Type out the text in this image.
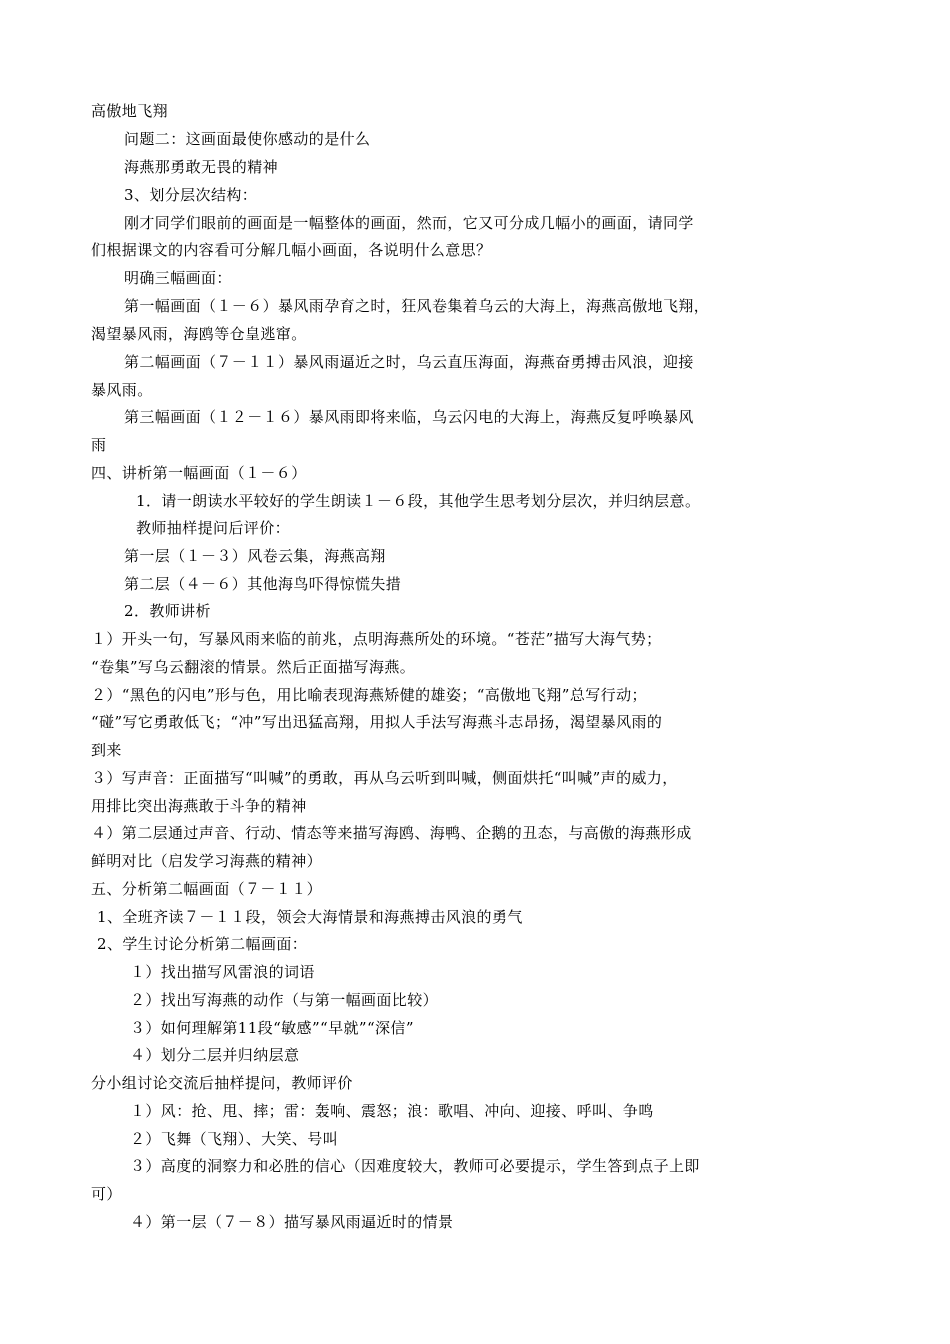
高傲地飞翔
问题二：这画面最使你感动的是什么
海燕那勇敢无畏的精神
3、划分层次结构：
刚才同学们眼前的画面是一幅整体的画面，然而，它又可分成几幅小的画面，请同学
们根据课文的内容看可分解几幅小画面，各说明什么意思？
明确三幅画面：
第一幅画面（１－６）暴风雨孕育之时，狂风卷集着乌云的大海上，海燕高傲地飞翔，
渴望暴风雨，海鸥等仓皇逃窜。
第二幅画面（７－１１）暴风雨逼近之时，乌云直压海面，海燕奋勇搏击风浪，迎接
暴风雨。
第三幅画面（１２－１６）暴风雨即将来临，乌云闪电的大海上，海燕反复呼唤暴风
雨
四、讲析第一幅画面（１－６）
1．请一朗读水平较好的学生朗读１－６段，其他学生思考划分层次，并归纳层意。
教师抽样提问后评价：
第一层（１－３）风卷云集，海燕高翔
第二层（４－６）其他海鸟吓得惊慌失措
2．教师讲析
１）开头一句，写暴风雨来临的前兆，点明海燕所处的环境。“苍茫”描写大海气势；
“卷集”写乌云翻滚的情景。然后正面描写海燕。
２）“黑色的闪电”形与色，用比喻表现海燕矫健的雄姿；“高傲地飞翔”总写行动；
“碰”写它勇敢低飞；“冲”写出迅猛高翔，用拟人手法写海燕斗志昂扬，渴望暴风雨的
到来
３）写声音：正面描写“叫喊”的勇敢，再从乌云听到叫喊，侧面烘托“叫喊”声的威力，
用排比突出海燕敢于斗争的精神
４）第二层通过声音、行动、情态等来描写海鸥、海鸭、企鹅的丑态，与高傲的海燕形成
鲜明对比（启发学习海燕的精神）
五、分析第二幅画面（７－１１）
1、全班齐读７－１１段，领会大海情景和海燕搏击风浪的勇气
2、学生讨论分析第二幅画面：
１）找出描写风雷浪的词语
２）找出写海燕的动作（与第一幅画面比较）
３）如何理解第11段“敏感”“早就”“深信”
４）划分二层并归纳层意
分小组讨论交流后抽样提问，教师评价
１）风：抢、甩、摔；雷：轰响、震怒；浪：歌唱、冲向、迎接、呼叫、争鸣
２）飞舞（飞翔）、大笑、号叫
３）高度的洞察力和必胜的信心（因难度较大，教师可必要提示，学生答到点子上即
可）
４）第一层（７－８）描写暴风雨逼近时的情景
